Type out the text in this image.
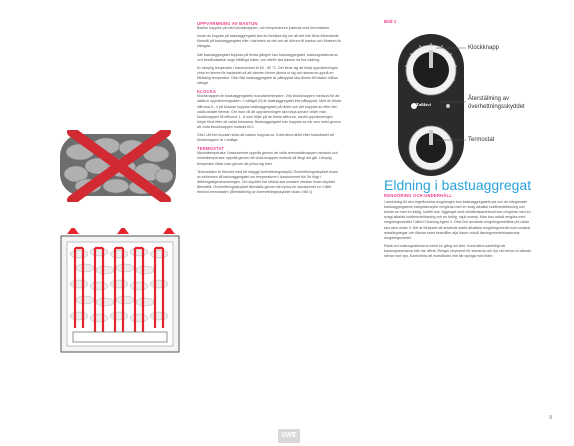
Bild 1
Tulikivi
Klockknapp
Återställning av
överhettningsskyddet
Termostat
UPPVÄRMNING AV BASTUN

Bastun kopplas på med klockknappen, och temperaturen justeras med termostaten.

Innan du kopplar på bastuaggregatet ska du försäkra dig om att det inte finns främmande föremål på bastuaggregatet eller i närheten av det och att dörren till bastun och fönstren är stängda.

När bastuaggregatet kopplas på första gången kan bastuaggregatet, bastuugnsstenarna och beståndsdelar avge tillfälliga lukter, och därför ska bastun ha bra vädring.

En lämplig temperatur i bastuummet är 60 - 80 °C. Det lönar sig att börja uppvärmningen cirka en timme för badandet så att värmen hinner jämna ut sig och stenarna uppnå en tillräcklig temperatur. Obs! När bastuaggregatet är påkopplat ska dörren till bastun hållas stängd.

KLOCKA

Klockknappen är bastuaggregatets huvudströmbrytare. Vrid klockknappen medsols för att ställa in uppvärmningstiden. I nolläget (0) är bastuaggregatet inte påkopplat. Med de första siffrorna 0...4 på klockan kopplas bastuaggregatet på direkt och det kopplas av efter den valda antalet timmar. Om man vill att uppvärmningen ska börja senare vrider man klockknappen till siffrorna 1...8 som följer på de första siffrorna, varvid uppvärmningen börjar först efter de valda timmarna. Bastuaggregatet kan kopplas av när som helst genom att vrida klockknappen motsols till 0.

Obs! Låt inte klockan stöta att bastun kopplas av. Kontrollera alltid efter bastubadet att klockknappen är i nolläge.

TERMOSTAT

Maximitemperatur i bastuummet uppnås genom att vrida termostatknappen medsols och minimitemperatur uppnås genom att vrida knappen motsols så långt det går. Lämplig temperatur hittar man genom att pröva sig fram.

Termostaten är försedd med ett inbyggt överhettningsskydd. Överhettningsskyddet bryter av strömmen till bastuaggregatet om temperaturen i bastuummet blir för högt i driftningsläge/anslutningen. Om skyddet har utlösts ska orsaken utredas innan skyddet återställs. Överhettningsskyddet återställs genom att trycka en stavaprirnet nu i hålet bredvid termostaten (Återställning av överhettningsskyddet visas i bild 1).	Eldning i bastuaggregat
RENGÖRING OCH UNDERHÅLL

I anslutning till den regelbundna rengöringen kan bastuaggregatets yta och de integrerade bastuaggregatens integrationsytor rengöras med en svag alkalisk luddtmedellösning och torkas av med en fuktig, luddfri duk. Aggregat med stöldtenskaranbrad kan rengöras med en svagt alkalisk luddtmedellösning och en fuktig, mjuk svamp. Man kan också rengöra med rengöringsmedlet Tulikivi Cleaning Agent 4. Obs! Det använda rengöringsmedlets pH-värde ska vara under 9. Det är förbjudet att använda starkt alkaliska rengöringsmedel som orsakar missfärgningar och fläckar samt innehåller alja lösom också läsningsmedelsbaserade rengöringsmedel.

Rada om bastuugnstenarna minst en gång om året. Kontrollera samtidigt att bastuugnstenarna inte har vittrat. Rengör utrymmet för stenarna och byt vid behov ut vittrade stenar mot nya. Kontrollera att motståndet inte blir synliga med tiden.

9
SWE
